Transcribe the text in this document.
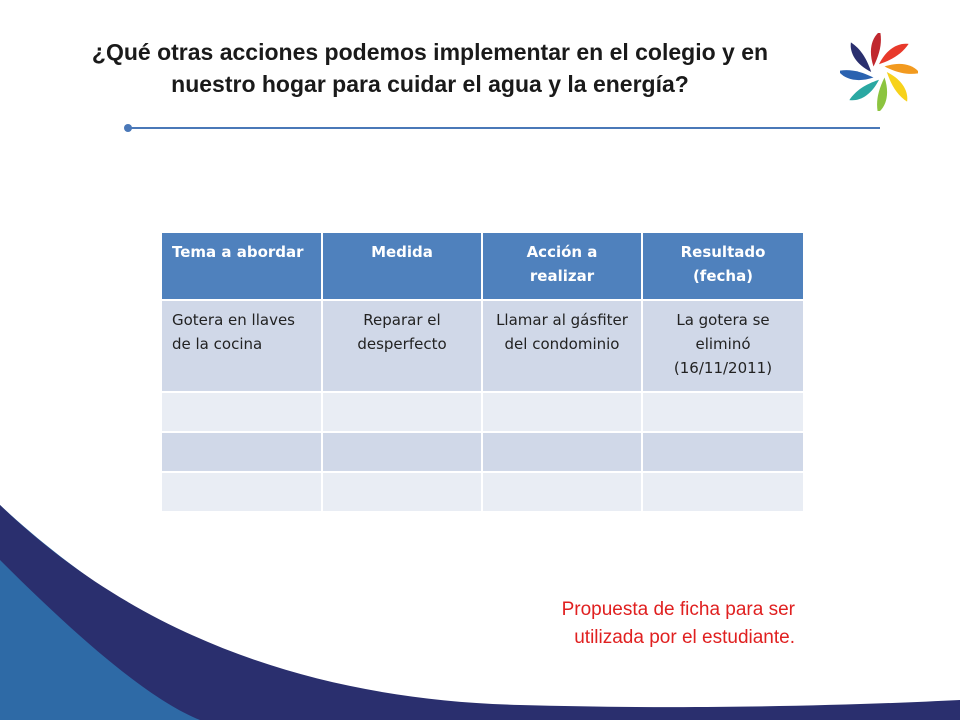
¿Qué otras acciones podemos implementar en el colegio y en
nuestro hogar para cuidar el agua y la energía?
Tema a abordar	Medida	Acción a realizar	Resultado (fecha)
Gotera en llaves de la cocina	Reparar el desperfecto	Llamar al gásfiter del condominio	La gotera se eliminó (16/11/2011)

Propuesta de ficha para ser
utilizada por el estudiante.
